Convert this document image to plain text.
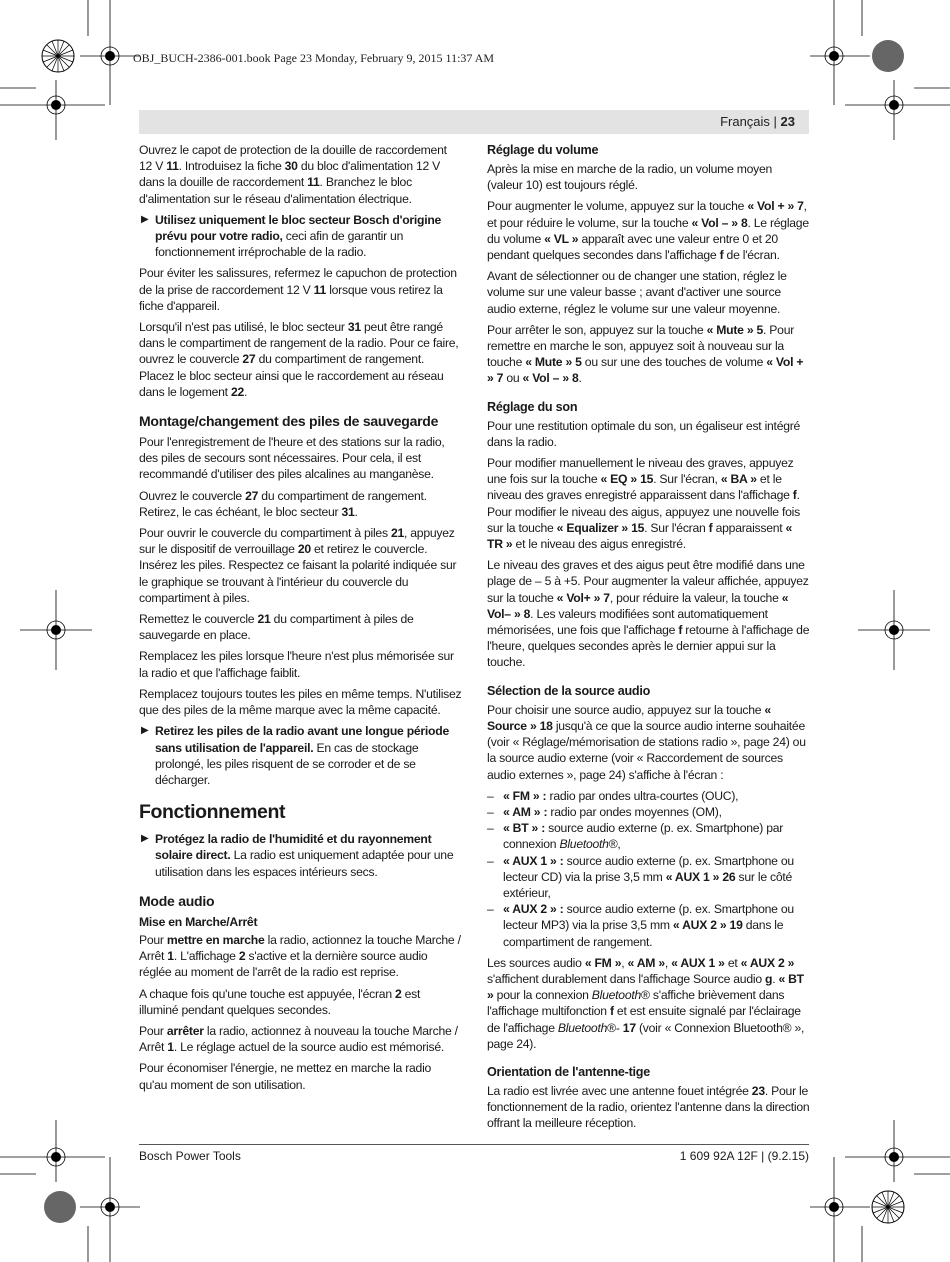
OBJ_BUCH-2386-001.book Page 23 Monday, February 9, 2015 11:37 AM
Français | 23

Ouvrez le capot de protection de la douille de raccordement 12 V 11. Introduisez la fiche 30 du bloc d'alimentation 12 V dans la douille de raccordement 11. Branchez le bloc d'alimentation sur le réseau d'alimentation électrique.

▶ Utilisez uniquement le bloc secteur Bosch d'origine prévu pour votre radio, ceci afin de garantir un fonctionnement irréprochable de la radio.

Pour éviter les salissures, refermez le capuchon de protection de la prise de raccordement 12 V 11 lorsque vous retirez la fiche d'appareil.

Lorsqu'il n'est pas utilisé, le bloc secteur 31 peut être rangé dans le compartiment de rangement de la radio. Pour ce faire, ouvrez le couvercle 27 du compartiment de rangement. Placez le bloc secteur ainsi que le raccordement au réseau dans le logement 22.

Montage/changement des piles de sauvegarde

Pour l'enregistrement de l'heure et des stations sur la radio, des piles de secours sont nécessaires. Pour cela, il est recommandé d'utiliser des piles alcalines au manganèse.

Ouvrez le couvercle 27 du compartiment de rangement. Retirez, le cas échéant, le bloc secteur 31.

Pour ouvrir le couvercle du compartiment à piles 21, appuyez sur le dispositif de verrouillage 20 et retirez le couvercle. Insérez les piles. Respectez ce faisant la polarité indiquée sur le graphique se trouvant à l'intérieur du couvercle du compartiment à piles.

Remettez le couvercle 21 du compartiment à piles de sauvegarde en place.

Remplacez les piles lorsque l'heure n'est plus mémorisée sur la radio et que l'affichage faiblit.

Remplacez toujours toutes les piles en même temps. N'utilisez que des piles de la même marque avec la même capacité.

▶ Retirez les piles de la radio avant une longue période sans utilisation de l'appareil. En cas de stockage prolongé, les piles risquent de se corroder et de se décharger.
Fonctionnement
▶ Protégez la radio de l'humidité et du rayonnement solaire direct. La radio est uniquement adaptée pour une utilisation dans les espaces intérieurs secs.
Mode audio
Mise en Marche/Arrêt

Pour mettre en marche la radio, actionnez la touche Marche / Arrêt 1. L'affichage 2 s'active et la dernière source audio réglée au moment de l'arrêt de la radio est reprise.

A chaque fois qu'une touche est appuyée, l'écran 2 est illuminé pendant quelques secondes.

Pour arrêter la radio, actionnez à nouveau la touche Marche / Arrêt 1. Le réglage actuel de la source audio est mémorisé.

Pour économiser l'énergie, ne mettez en marche la radio qu'au moment de son utilisation.

Réglage du volume

Après la mise en marche de la radio, un volume moyen (valeur 10) est toujours réglé.

Pour augmenter le volume, appuyez sur la touche « Vol + » 7, et pour réduire le volume, sur la touche « Vol – » 8. Le réglage du volume « VL » apparaît avec une valeur entre 0 et 20 pendant quelques secondes dans l'affichage f de l'écran.

Avant de sélectionner ou de changer une station, réglez le volume sur une valeur basse ; avant d'activer une source audio externe, réglez le volume sur une valeur moyenne.

Pour arrêter le son, appuyez sur la touche « Mute » 5. Pour remettre en marche le son, appuyez soit à nouveau sur la touche « Mute » 5 ou sur une des touches de volume « Vol + » 7 ou « Vol – » 8.

Réglage du son

Pour une restitution optimale du son, un égaliseur est intégré dans la radio.

Pour modifier manuellement le niveau des graves, appuyez une fois sur la touche « EQ » 15. Sur l'écran, « BA » et le niveau des graves enregistré apparaissent dans l'affichage f. Pour modifier le niveau des aigus, appuyez une nouvelle fois sur la touche « Equalizer » 15. Sur l'écran f apparaissent « TR » et le niveau des aigus enregistré.

Le niveau des graves et des aigus peut être modifié dans une plage de – 5 à +5. Pour augmenter la valeur affichée, appuyez sur la touche « Vol+ » 7, pour réduire la valeur, la touche « Vol– » 8. Les valeurs modifiées sont automatiquement mémorisées, une fois que l'affichage f retourne à l'affichage de l'heure, quelques secondes après le dernier appui sur la touche.

Sélection de la source audio

Pour choisir une source audio, appuyez sur la touche « Source » 18 jusqu'à ce que la source audio interne souhaitée (voir « Réglage/mémorisation de stations radio », page 24) ou la source audio externe (voir « Raccordement de sources audio externes », page 24) s'affiche à l'écran :

– « FM » : radio par ondes ultra-courtes (OUC),
– « AM » : radio par ondes moyennes (OM),
– « BT » : source audio externe (p. ex. Smartphone) par connexion Bluetooth®,
– « AUX 1 » : source audio externe (p. ex. Smartphone ou lecteur CD) via la prise 3,5 mm « AUX 1 » 26 sur le côté extérieur,
– « AUX 2 » : source audio externe (p. ex. Smartphone ou lecteur MP3) via la prise 3,5 mm « AUX 2 » 19 dans le compartiment de rangement.

Les sources audio « FM », « AM », « AUX 1 » et « AUX 2 » s'affichent durablement dans l'affichage Source audio g. « BT » pour la connexion Bluetooth® s'affiche brièvement dans l'affichage multifonction f et est ensuite signalé par l'éclairage de l'affichage Bluetooth®- 17 (voir « Connexion Bluetooth® », page 24).

Orientation de l'antenne-tige

La radio est livrée avec une antenne fouet intégrée 23. Pour le fonctionnement de la radio, orientez l'antenne dans la direction offrant la meilleure réception.

Bosch Power Tools	1 609 92A 12F | (9.2.15)
